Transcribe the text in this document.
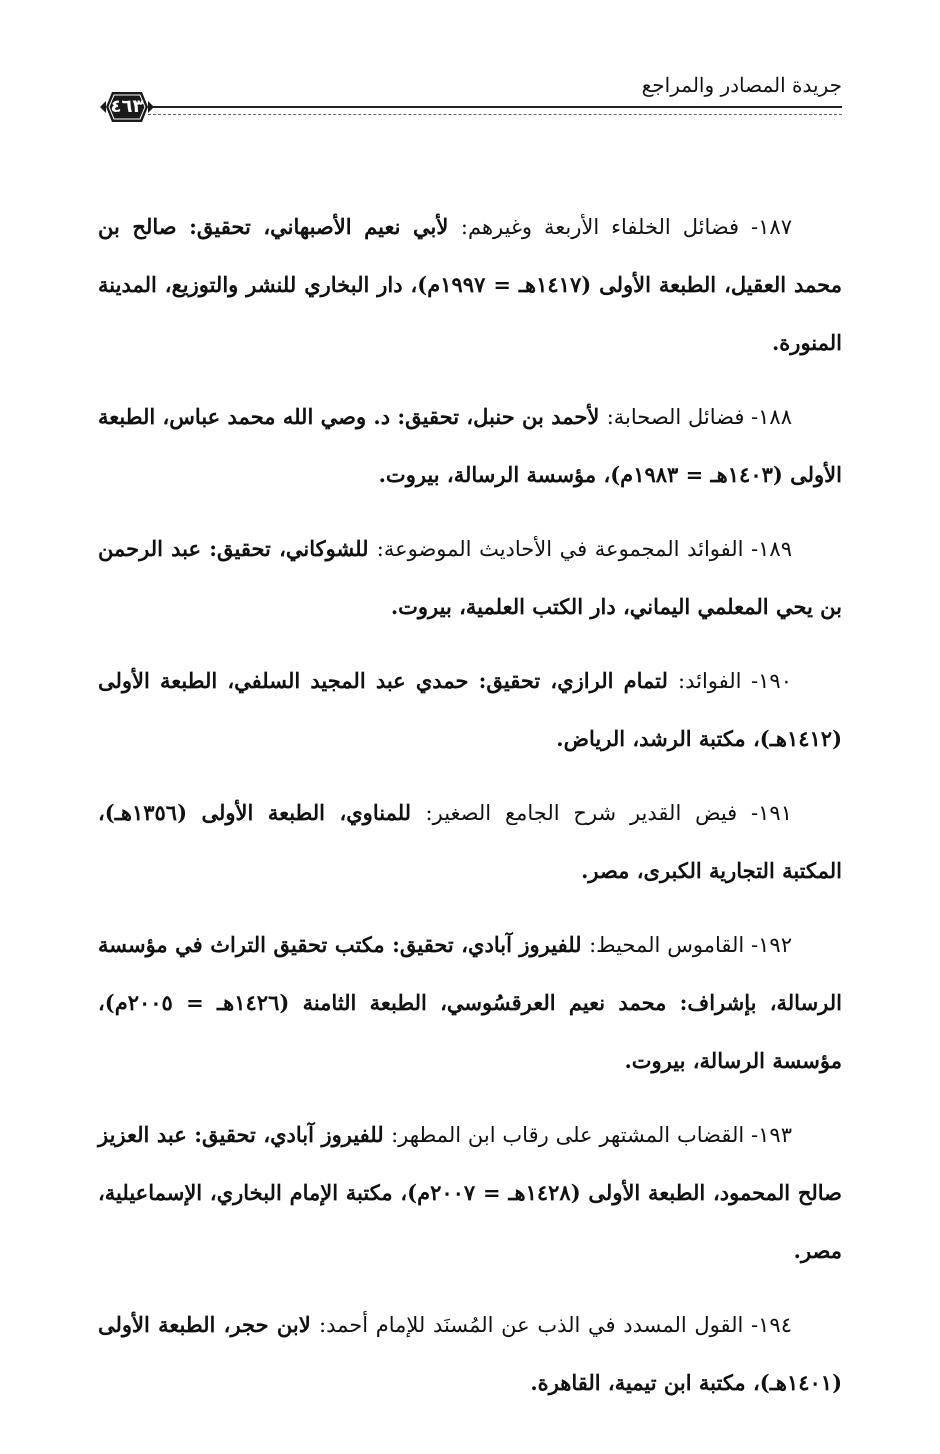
جريدة المصادر والمراجع
٤٦٣

١٨٧- فضائل الخلفاء الأربعة وغيرهم: لأبي نعيم الأصبهاني، تحقيق: صالح بن محمد العقيل، الطبعة الأولى (١٤١٧هـ = ١٩٩٧م)، دار البخاري للنشر والتوزيع، المدينة المنورة.

١٨٨- فضائل الصحابة: لأحمد بن حنبل، تحقيق: د. وصي الله محمد عباس، الطبعة الأولى (١٤٠٣هـ = ١٩٨٣م)، مؤسسة الرسالة، بيروت.

١٨٩- الفوائد المجموعة في الأحاديث الموضوعة: للشوكاني، تحقيق: عبد الرحمن بن يحي المعلمي اليماني، دار الكتب العلمية، بيروت.

١٩٠- الفوائد: لتمام الرازي، تحقيق: حمدي عبد المجيد السلفي، الطبعة الأولى (١٤١٢هـ)، مكتبة الرشد، الرياض.

١٩١- فيض القدير شرح الجامع الصغير: للمناوي، الطبعة الأولى (١٣٥٦هـ)، المكتبة التجارية الكبرى، مصر.

١٩٢- القاموس المحيط: للفيروز آبادي، تحقيق: مكتب تحقيق التراث في مؤسسة الرسالة، بإشراف: محمد نعيم العرقسُوسي، الطبعة الثامنة (١٤٢٦هـ = ٢٠٠٥م)، مؤسسة الرسالة، بيروت.

١٩٣- القضاب المشتهر على رقاب ابن المطهر: للفيروز آبادي، تحقيق: عبد العزيز صالح المحمود، الطبعة الأولى (١٤٢٨هـ = ٢٠٠٧م)، مكتبة الإمام البخاري، الإسماعيلية، مصر.

١٩٤- القول المسدد في الذب عن المُسنَد للإمام أحمد: لابن حجر، الطبعة الأولى (١٤٠١هـ)، مكتبة ابن تيمية، القاهرة.
